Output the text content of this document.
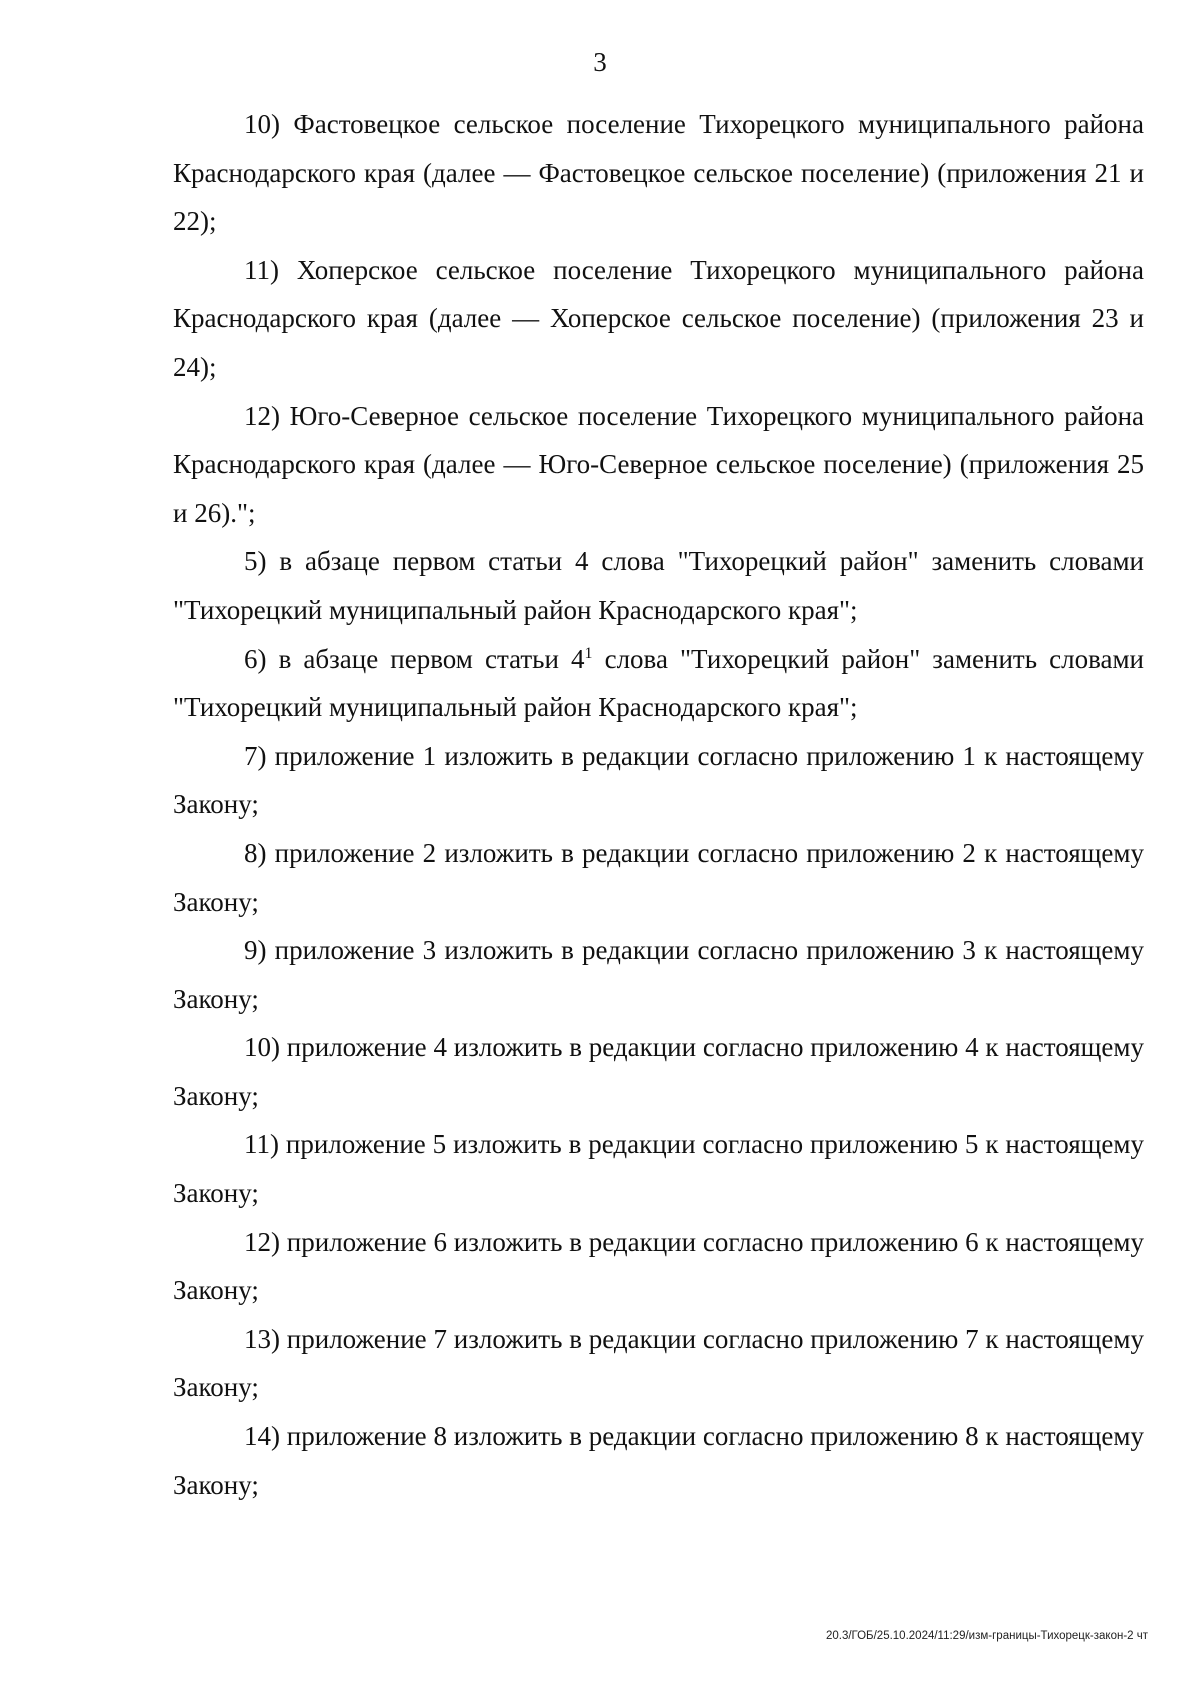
3

10) Фастовецкое сельское поселение Тихорецкого муниципального района Краснодарского края (далее — Фастовецкое сельское поселение) (приложения 21 и 22);

11) Хоперское сельское поселение Тихорецкого муниципального района Краснодарского края (далее — Хоперское сельское поселение) (приложения 23 и 24);

12) Юго-Северное сельское поселение Тихорецкого муниципального района Краснодарского края (далее — Юго-Северное сельское поселение) (приложения 25 и 26).";

5) в абзаце первом статьи 4 слова "Тихорецкий район" заменить словами "Тихорецкий муниципальный район Краснодарского края";

6) в абзаце первом статьи $4^1$ слова "Тихорецкий район" заменить словами "Тихорецкий муниципальный район Краснодарского края";

7) приложение 1 изложить в редакции согласно приложению 1 к настоящему Закону;

8) приложение 2 изложить в редакции согласно приложению 2 к настоящему Закону;

9) приложение 3 изложить в редакции согласно приложению 3 к настоящему Закону;

10) приложение 4 изложить в редакции согласно приложению 4 к настоящему Закону;

11) приложение 5 изложить в редакции согласно приложению 5 к настоящему Закону;

12) приложение 6 изложить в редакции согласно приложению 6 к настоящему Закону;

13) приложение 7 изложить в редакции согласно приложению 7 к настоящему Закону;

14) приложение 8 изложить в редакции согласно приложению 8 к настоящему Закону;

20.3/ГОБ/25.10.2024/11:29/изм-границы-Тихорецк-закон-2 чт
